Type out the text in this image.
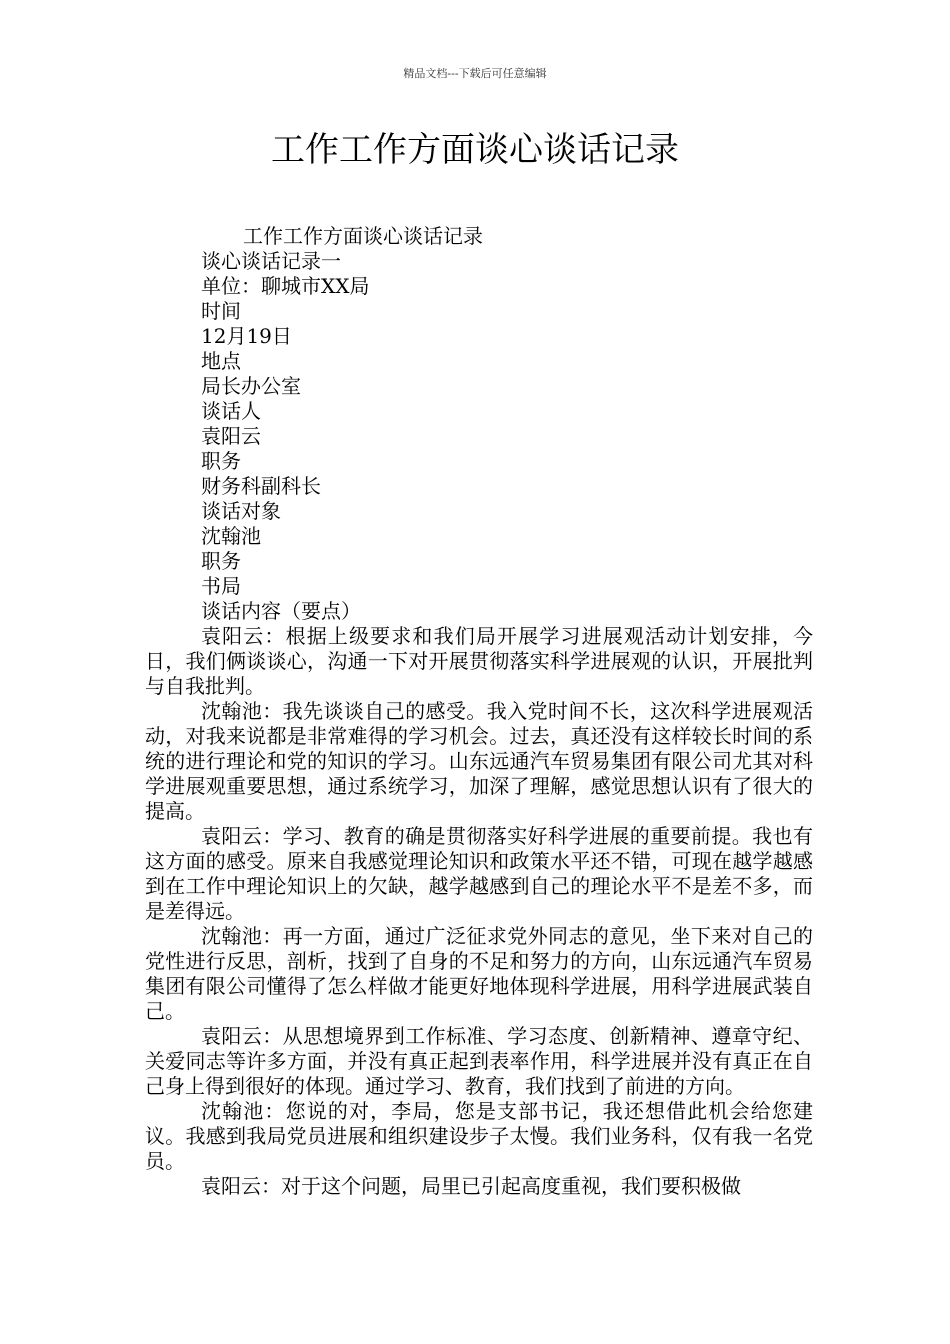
精品文档---下载后可任意编辑
工作工作方面谈心谈话记录

工作工作方面谈心谈话记录

谈心谈话记录一

单位：聊城市XX局

时间

12月19日

地点

局长办公室

谈话人

袁阳云

职务

财务科副科长

谈话对象

沈翰池

职务

书局

谈话内容（要点）

袁阳云：根据上级要求和我们局开展学习进展观活动计划安排，今日，我们俩谈谈心，沟通一下对开展贯彻落实科学进展观的认识，开展批判与自我批判。

沈翰池：我先谈谈自己的感受。我入党时间不长，这次科学进展观活动，对我来说都是非常难得的学习机会。过去，真还没有这样较长时间的系统的进行理论和党的知识的学习。山东远通汽车贸易集团有限公司尤其对科学进展观重要思想，通过系统学习，加深了理解，感觉思想认识有了很大的提高。

袁阳云：学习、教育的确是贯彻落实好科学进展的重要前提。我也有这方面的感受。原来自我感觉理论知识和政策水平还不错，可现在越学越感到在工作中理论知识上的欠缺，越学越感到自己的理论水平不是差不多，而是差得远。

沈翰池：再一方面，通过广泛征求党外同志的意见，坐下来对自己的党性进行反思，剖析，找到了自身的不足和努力的方向，山东远通汽车贸易集团有限公司懂得了怎么样做才能更好地体现科学进展，用科学进展武装自己。

袁阳云：从思想境界到工作标准、学习态度、创新精神、遵章守纪、关爱同志等许多方面，并没有真正起到表率作用，科学进展并没有真正在自己身上得到很好的体现。通过学习、教育，我们找到了前进的方向。

沈翰池：您说的对，李局，您是支部书记，我还想借此机会给您建议。我感到我局党员进展和组织建设步子太慢。我们业务科，仅有我一名党员。

袁阳云：对于这个问题，局里已引起高度重视，我们要积极做
